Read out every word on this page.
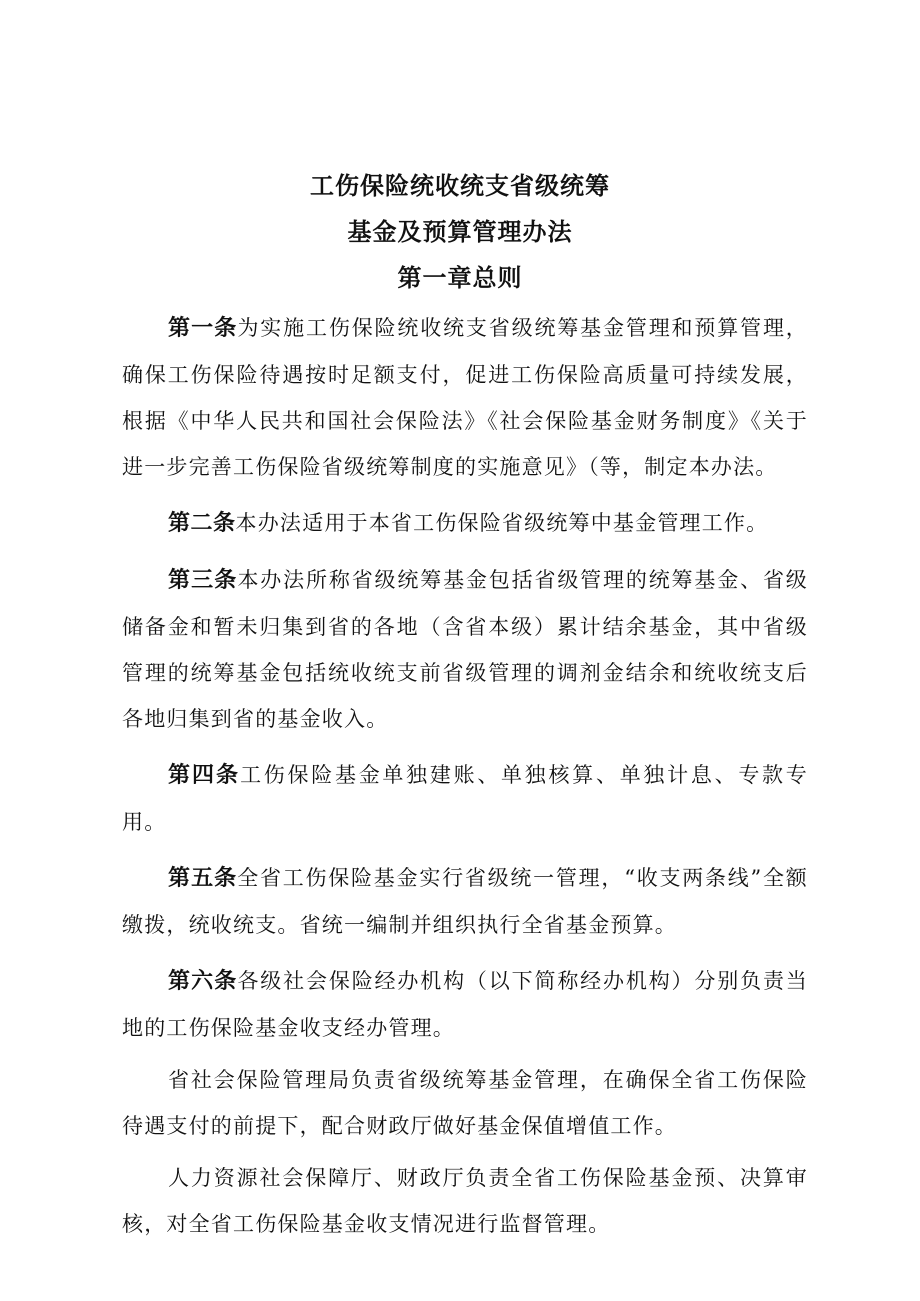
工伤保险统收统支省级统筹
基金及预算管理办法
第一章总则

第一条为实施工伤保险统收统支省级统筹基金管理和预算管理，确保工伤保险待遇按时足额支付，促进工伤保险高质量可持续发展，根据《中华人民共和国社会保险法》《社会保险基金财务制度》《关于进一步完善工伤保险省级统筹制度的实施意见》（等，制定本办法。

第二条本办法适用于本省工伤保险省级统筹中基金管理工作。

第三条本办法所称省级统筹基金包括省级管理的统筹基金、省级储备金和暂未归集到省的各地（含省本级）累计结余基金，其中省级管理的统筹基金包括统收统支前省级管理的调剂金结余和统收统支后各地归集到省的基金收入。

第四条工伤保险基金单独建账、单独核算、单独计息、专款专用。

第五条全省工伤保险基金实行省级统一管理，“收支两条线”全额缴拨，统收统支。省统一编制并组织执行全省基金预算。

第六条各级社会保险经办机构（以下简称经办机构）分别负责当地的工伤保险基金收支经办管理。

省社会保险管理局负责省级统筹基金管理，在确保全省工伤保险待遇支付的前提下，配合财政厅做好基金保值增值工作。

人力资源社会保障厅、财政厅负责全省工伤保险基金预、决算审核，对全省工伤保险基金收支情况进行监督管理。
